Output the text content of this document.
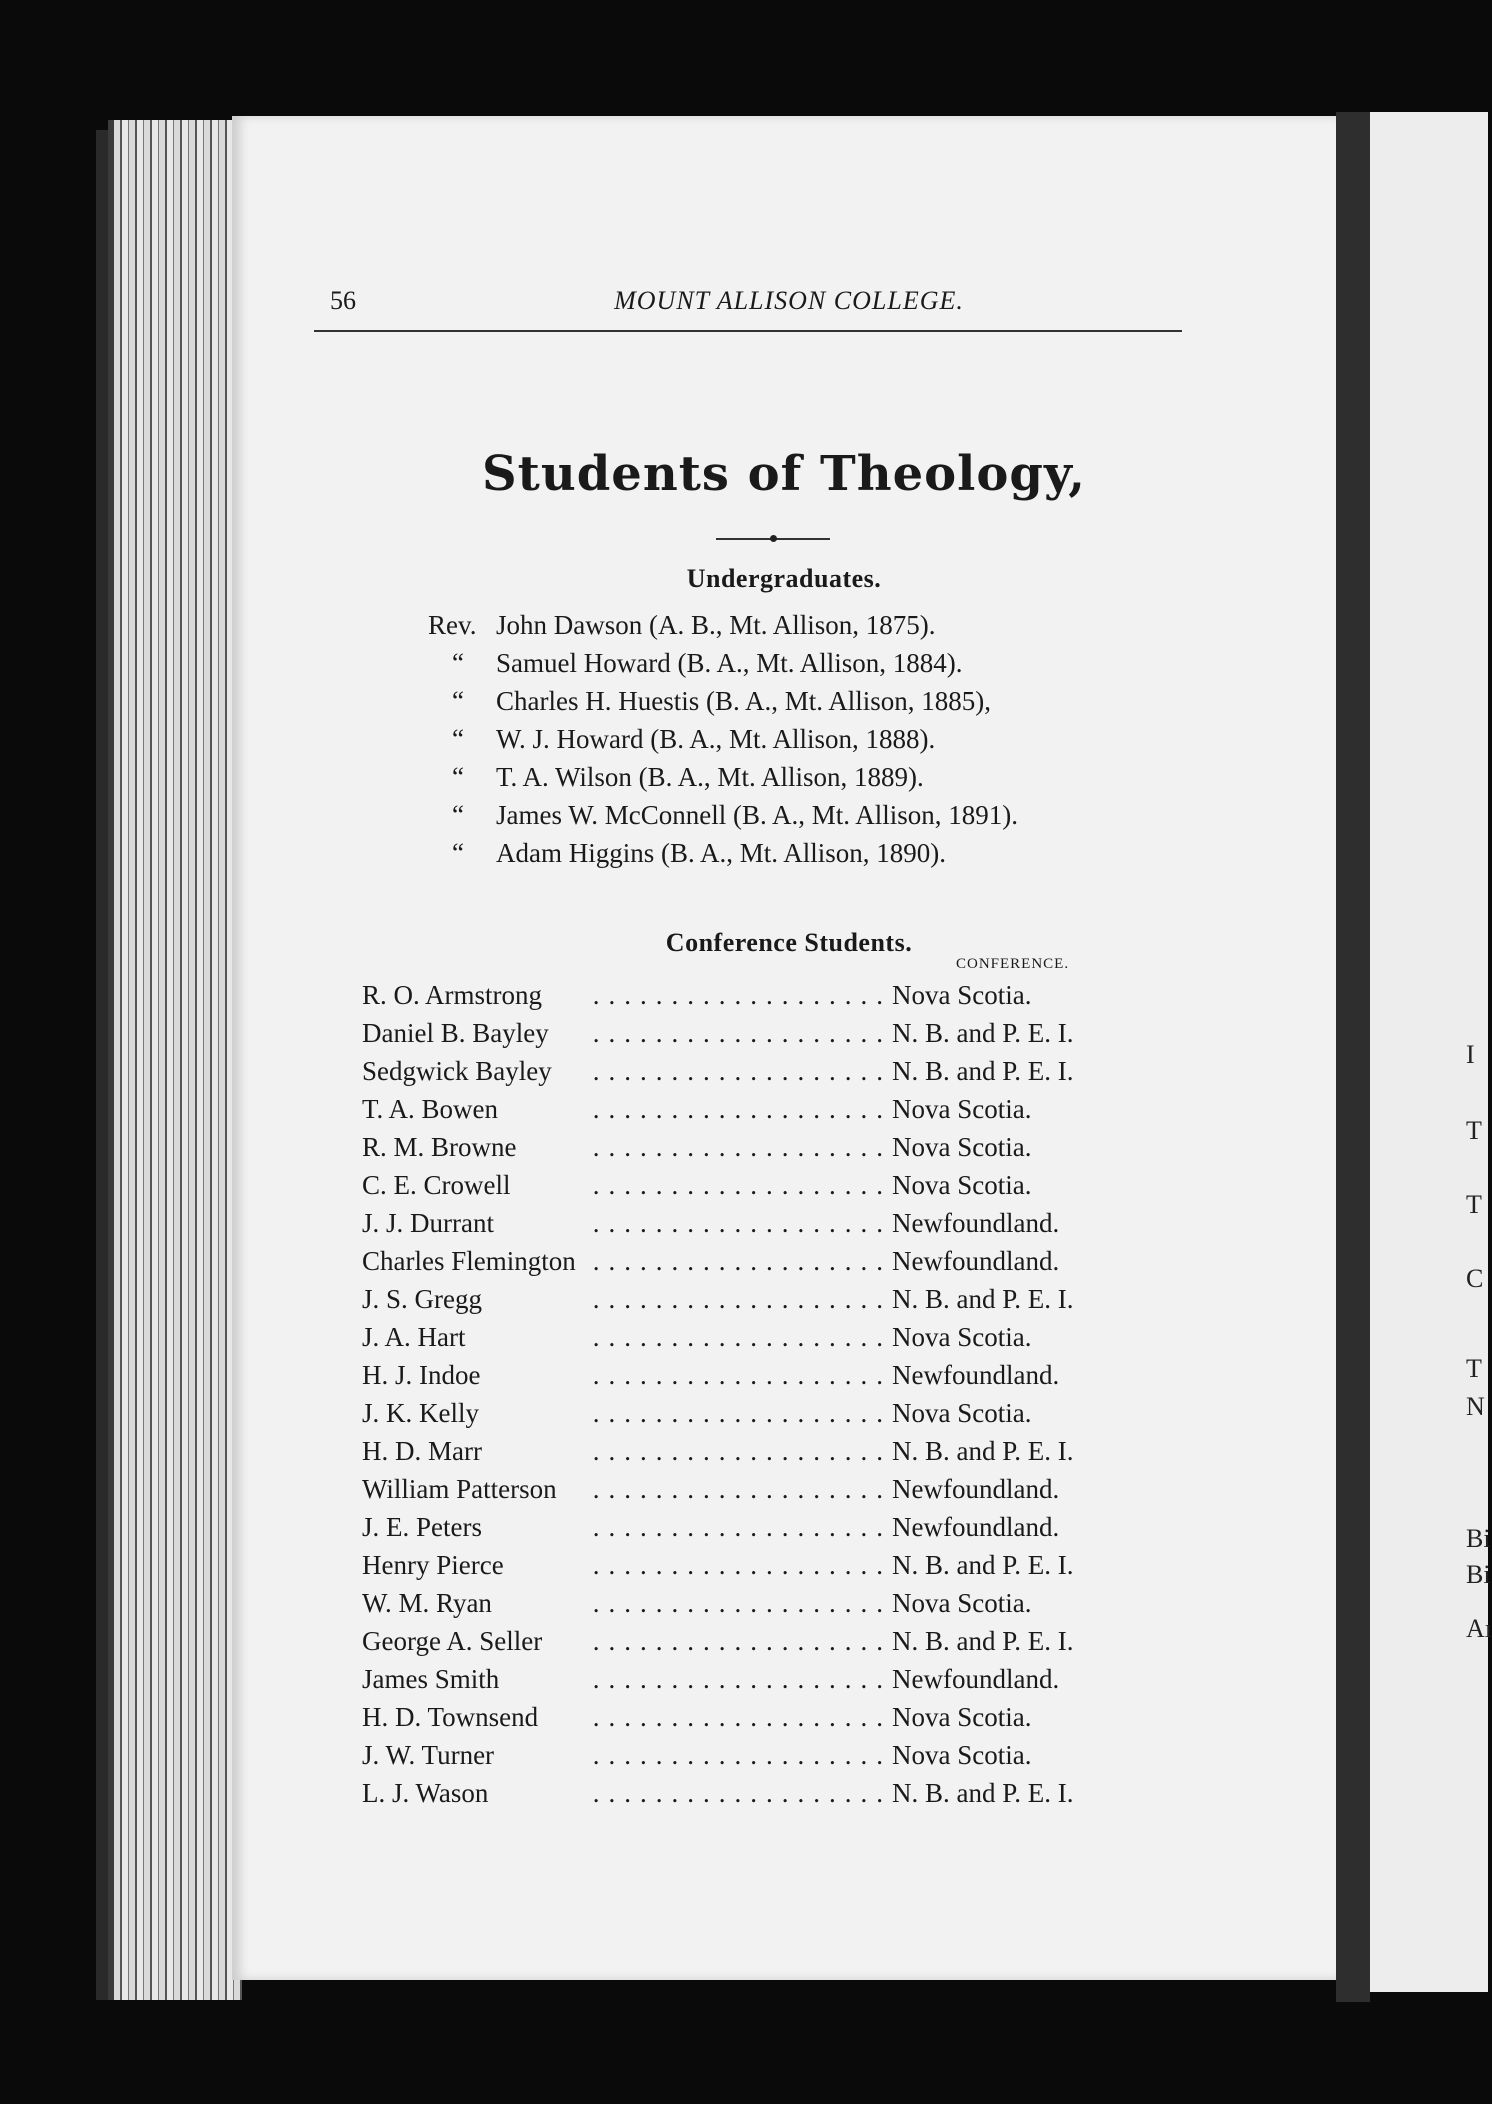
56	MOUNT ALLISON COLLEGE.
Students of Theology,
Undergraduates.
Rev. John Dawson (A. B., Mt. Allison, 1875).
“ Samuel Howard (B. A., Mt. Allison, 1884).
“ Charles H. Huestis (B. A., Mt. Allison, 1885),
“ W. J. Howard (B. A., Mt. Allison, 1888).
“ T. A. Wilson (B. A., Mt. Allison, 1889).
“ James W. McConnell (B. A., Mt. Allison, 1891).
“ Adam Higgins (B. A., Mt. Allison, 1890).
Conference Students.
CONFERENCE.
...................
R. O. Armstrong	Nova Scotia.
...................
Daniel B. Bayley	N. B. and P. E. I.
...................
Sedgwick Bayley	N. B. and P. E. I.
...................
T. A. Bowen	Nova Scotia.
...................
R. M. Browne	Nova Scotia.
...................
C. E. Crowell	Nova Scotia.
...................
J. J. Durrant	Newfoundland.
...................
Charles Flemington	Newfoundland.
...................
J. S. Gregg	N. B. and P. E. I.
...................
J. A. Hart	Nova Scotia.
...................
H. J. Indoe	Newfoundland.
...................
J. K. Kelly	Nova Scotia.
...................
H. D. Marr	N. B. and P. E. I.
...................
William Patterson	Newfoundland.
...................
J. E. Peters	Newfoundland.
...................
Henry Pierce	N. B. and P. E. I.
...................
W. M. Ryan	Nova Scotia.
...................
George A. Seller	N. B. and P. E. I.
...................
James Smith	Newfoundland.
...................
H. D. Townsend	Nova Scotia.
...................
J. W. Turner	Nova Scotia.
...................
L. J. Wason	N. B. and P. E. I.
I
T
T
C
T
N
Bi
Bi
Aı
